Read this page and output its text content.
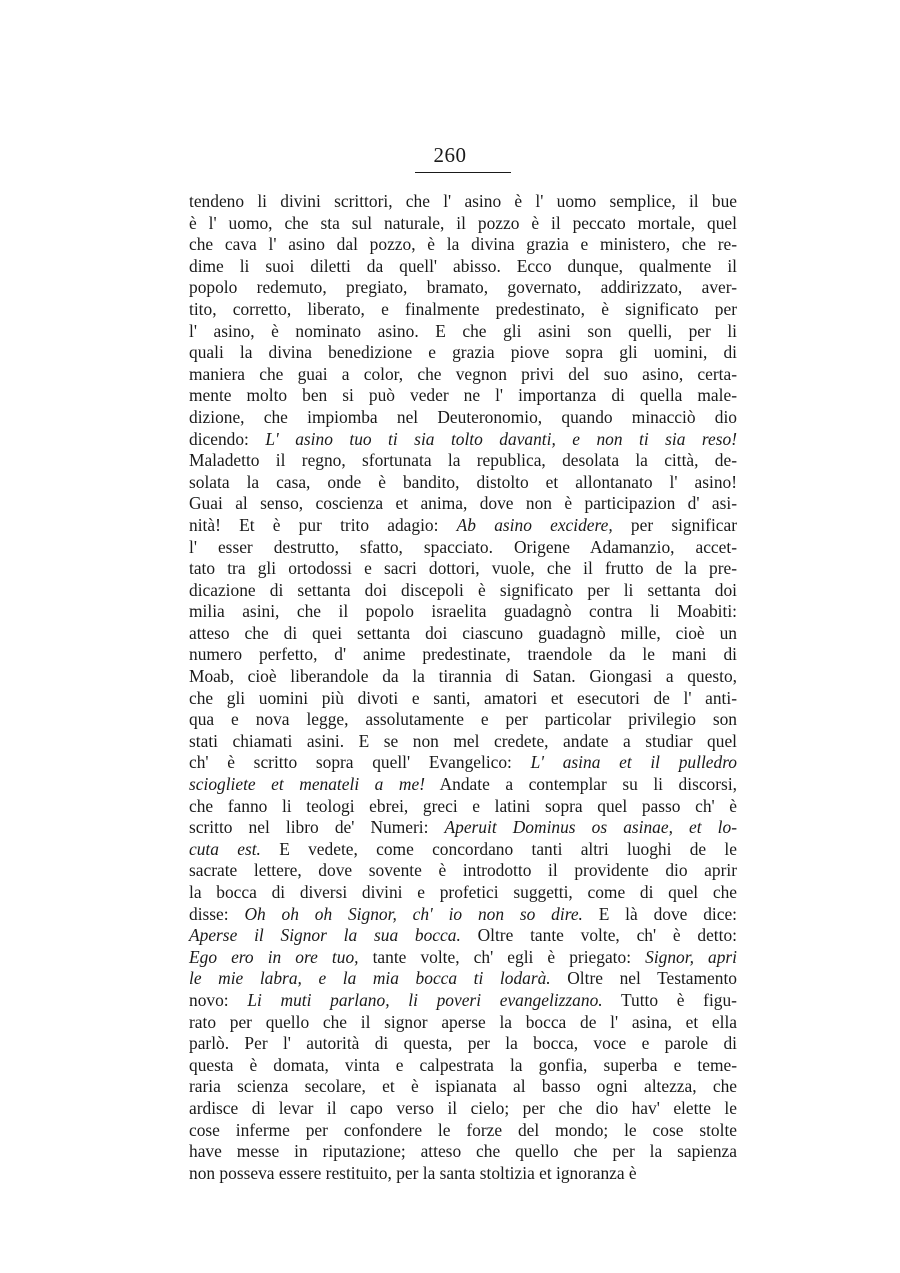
260
tendeno li divini scrittori, che l' asino è l' uomo semplice, il bue
è l' uomo, che sta sul naturale, il pozzo è il peccato mortale, quel
che cava l' asino dal pozzo, è la divina grazia e ministero, che re-
dime li suoi diletti da quell' abisso. Ecco dunque, qualmente il
popolo redemuto, pregiato, bramato, governato, addirizzato, aver-
tito, corretto, liberato, e finalmente predestinato, è significato per
l' asino, è nominato asino. E che gli asini son quelli, per li
quali la divina benedizione e grazia piove sopra gli uomini, di
maniera che guai a color, che vegnon privi del suo asino, certa-
mente molto ben si può veder ne l' importanza di quella male-
dizione, che impiomba nel Deuteronomio, quando minacciò dio
dicendo: L' asino tuo ti sia tolto davanti, e non ti sia reso!
Maladetto il regno, sfortunata la republica, desolata la città, de-
solata la casa, onde è bandito, distolto et allontanato l' asino!
Guai al senso, coscienza et anima, dove non è participazion d' asi-
nità! Et è pur trito adagio: Ab asino excidere, per significar
l' esser destrutto, sfatto, spacciato. Origene Adamanzio, accet-
tato tra gli ortodossi e sacri dottori, vuole, che il frutto de la pre-
dicazione di settanta doi discepoli è significato per li settanta doi
milia asini, che il popolo israelita guadagnò contra li Moabiti:
atteso che di quei settanta doi ciascuno guadagnò mille, cioè un
numero perfetto, d' anime predestinate, traendole da le mani di
Moab, cioè liberandole da la tirannia di Satan. Giongasi a questo,
che gli uomini più divoti e santi, amatori et esecutori de l' anti-
qua e nova legge, assolutamente e per particolar privilegio son
stati chiamati asini. E se non mel credete, andate a studiar quel
ch' è scritto sopra quell' Evangelico: L' asina et il pulledro
sciogliete et menateli a me! Andate a contemplar su li discorsi,
che fanno li teologi ebrei, greci e latini sopra quel passo ch' è
scritto nel libro de' Numeri: Aperuit Dominus os asinae, et lo-
cuta est. E vedete, come concordano tanti altri luoghi de le
sacrate lettere, dove sovente è introdotto il providente dio aprir
la bocca di diversi divini e profetici suggetti, come di quel che
disse: Oh oh oh Signor, ch' io non so dire. E là dove dice:
Aperse il Signor la sua bocca. Oltre tante volte, ch' è detto:
Ego ero in ore tuo, tante volte, ch' egli è priegato: Signor, apri
le mie labra, e la mia bocca ti lodarà. Oltre nel Testamento
novo: Li muti parlano, li poveri evangelizzano. Tutto è figu-
rato per quello che il signor aperse la bocca de l' asina, et ella
parlò. Per l' autorità di questa, per la bocca, voce e parole di
questa è domata, vinta e calpestrata la gonfia, superba e teme-
raria scienza secolare, et è ispianata al basso ogni altezza, che
ardisce di levar il capo verso il cielo; per che dio hav' elette le
cose inferme per confondere le forze del mondo; le cose stolte
have messe in riputazione; atteso che quello che per la sapienza
non posseva essere restituito, per la santa stoltizia et ignoranza è
